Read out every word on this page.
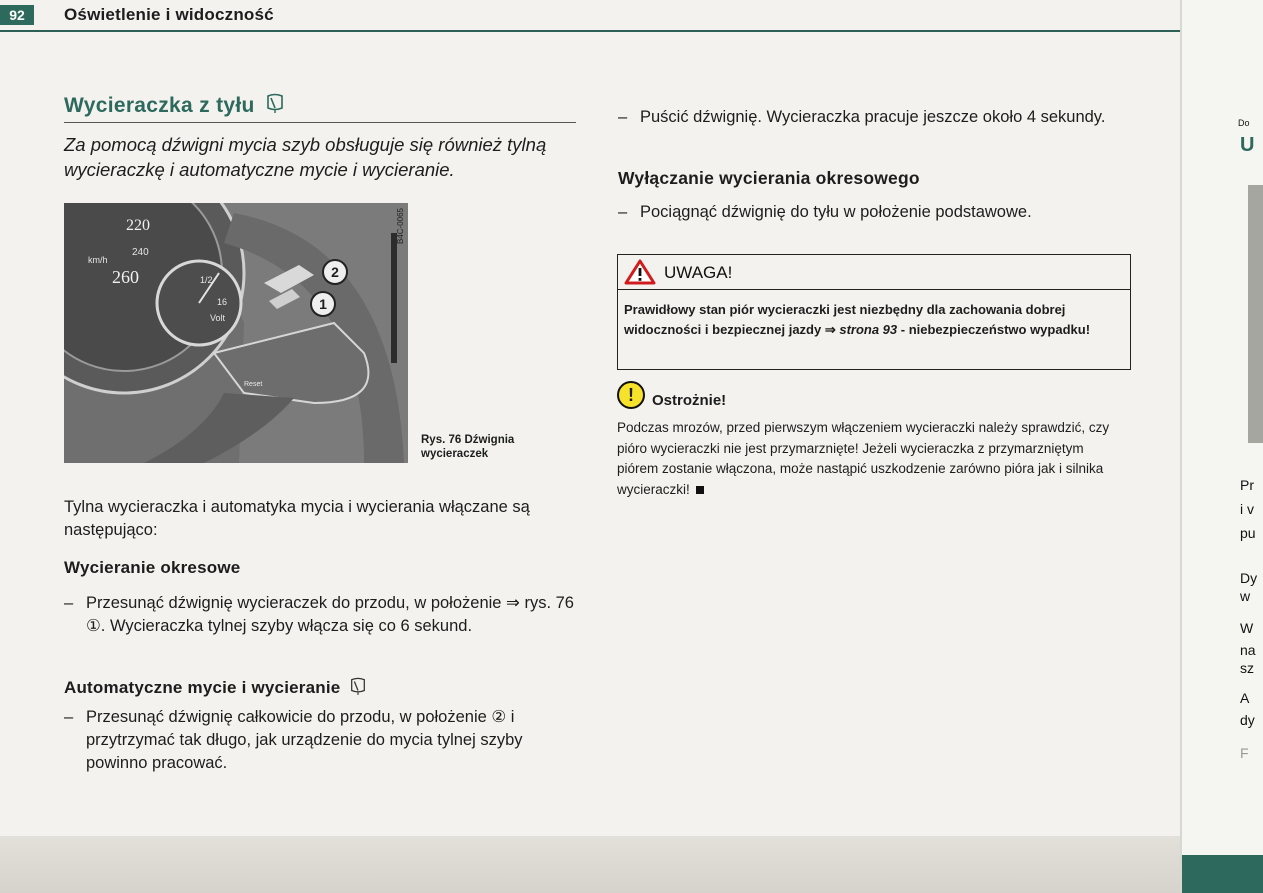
92	Oświetlenie i widoczność
Wycieraczka z tyłu
Za pomocą dźwigni mycia szyb obsługuje się również tylną wycieraczkę i automatyczne mycie i wycieranie.
220
240
260
km/h
1/2
16
Volt
Reset
2
1
B4C-0065
Rys. 76 Dźwignia wycieraczek
Tylna wycieraczka i automatyka mycia i wycierania włączane są następująco:
Wycieranie okresowe
– Przesunąć dźwignię wycieraczek do przodu, w położenie ⇒ rys. 76 ①. Wycieraczka tylnej szyby włącza się co 6 sekund.
Automatyczne mycie i wycieranie
– Przesunąć dźwignię całkowicie do przodu, w położenie ② i przytrzymać tak długo, jak urządzenie do mycia tylnej szyby powinno pracować.
– Puścić dźwignię. Wycieraczka pracuje jeszcze około 4 sekundy.
Wyłączanie wycierania okresowego
– Pociągnąć dźwignię do tyłu w położenie podstawowe.
UWAGA!
Prawidłowy stan piór wycieraczki jest niezbędny dla zachowania dobrej widoczności i bezpiecznej jazdy ⇒ strona 93 - niebezpieczeństwo wypadku!
!	Ostrożnie!
Podczas mrozów, przed pierwszym włączeniem wycieraczki należy sprawdzić, czy pióro wycieraczki nie jest przymarznięte! Jeżeli wycieraczka z przymarzniętym piórem zostanie włączona, może nastąpić uszkodzenie zarówno pióra jak i silnika wycieraczki!
Do
U
Pr
i v
pu
Dy
w
W
na
sz
A
dy
F
